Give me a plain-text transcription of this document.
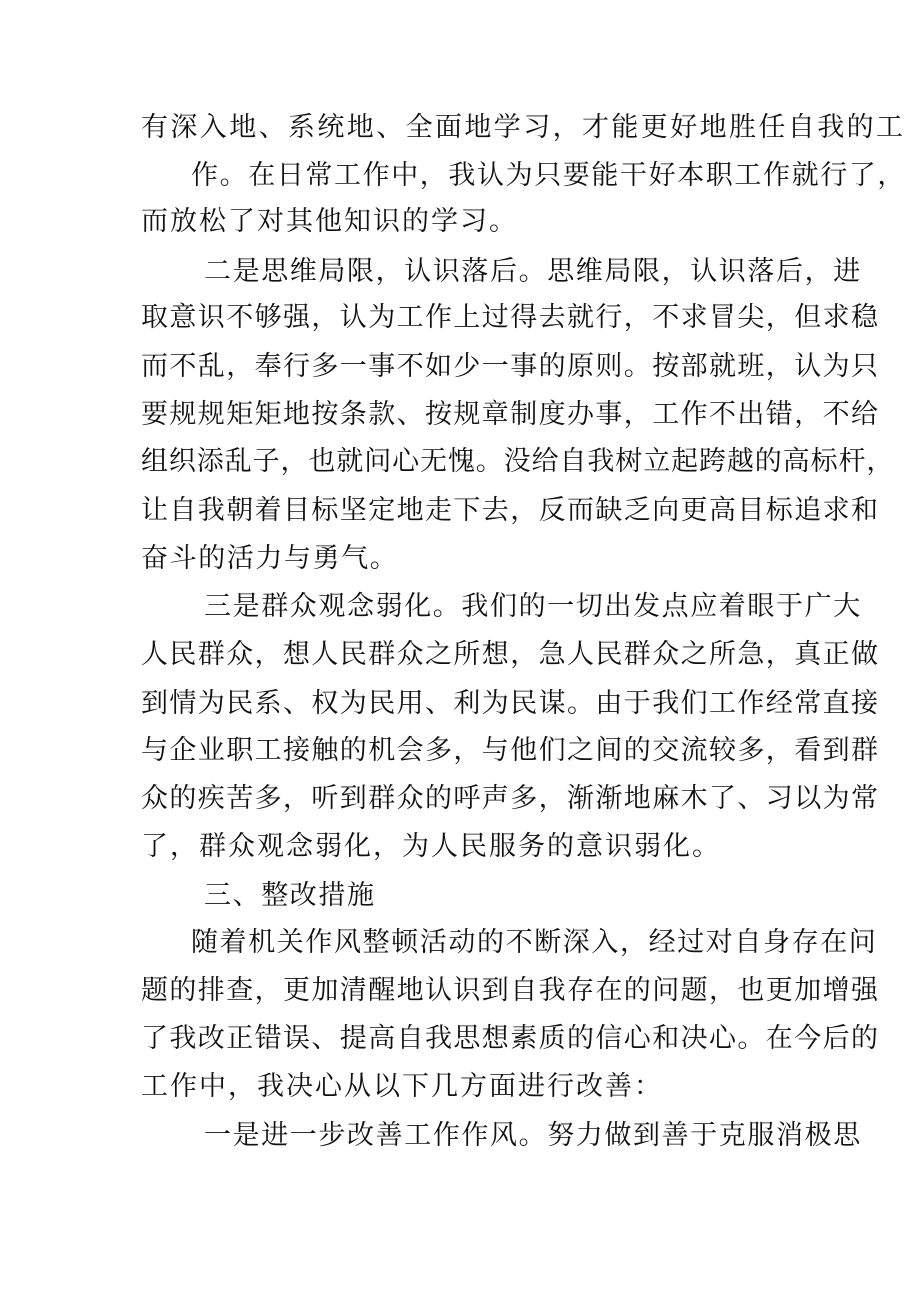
有深入地、系统地、全面地学习，才能更好地胜任自我的工
作。在日常工作中，我认为只要能干好本职工作就行了，
而放松了对其他知识的学习。
二是思维局限，认识落后。思维局限，认识落后，进
取意识不够强，认为工作上过得去就行，不求冒尖，但求稳
而不乱，奉行多一事不如少一事的原则。按部就班，认为只
要规规矩矩地按条款、按规章制度办事，工作不出错，不给
组织添乱子，也就问心无愧。没给自我树立起跨越的高标杆，
让自我朝着目标坚定地走下去，反而缺乏向更高目标追求和
奋斗的活力与勇气。
三是群众观念弱化。我们的一切出发点应着眼于广大
人民群众，想人民群众之所想，急人民群众之所急，真正做
到情为民系、权为民用、利为民谋。由于我们工作经常直接
与企业职工接触的机会多，与他们之间的交流较多，看到群
众的疾苦多，听到群众的呼声多，渐渐地麻木了、习以为常
了，群众观念弱化，为人民服务的意识弱化。
三、整改措施
随着机关作风整顿活动的不断深入，经过对自身存在问
题的排查，更加清醒地认识到自我存在的问题，也更加增强
了我改正错误、提高自我思想素质的信心和决心。在今后的
工作中，我决心从以下几方面进行改善：
一是进一步改善工作作风。努力做到善于克服消极思
